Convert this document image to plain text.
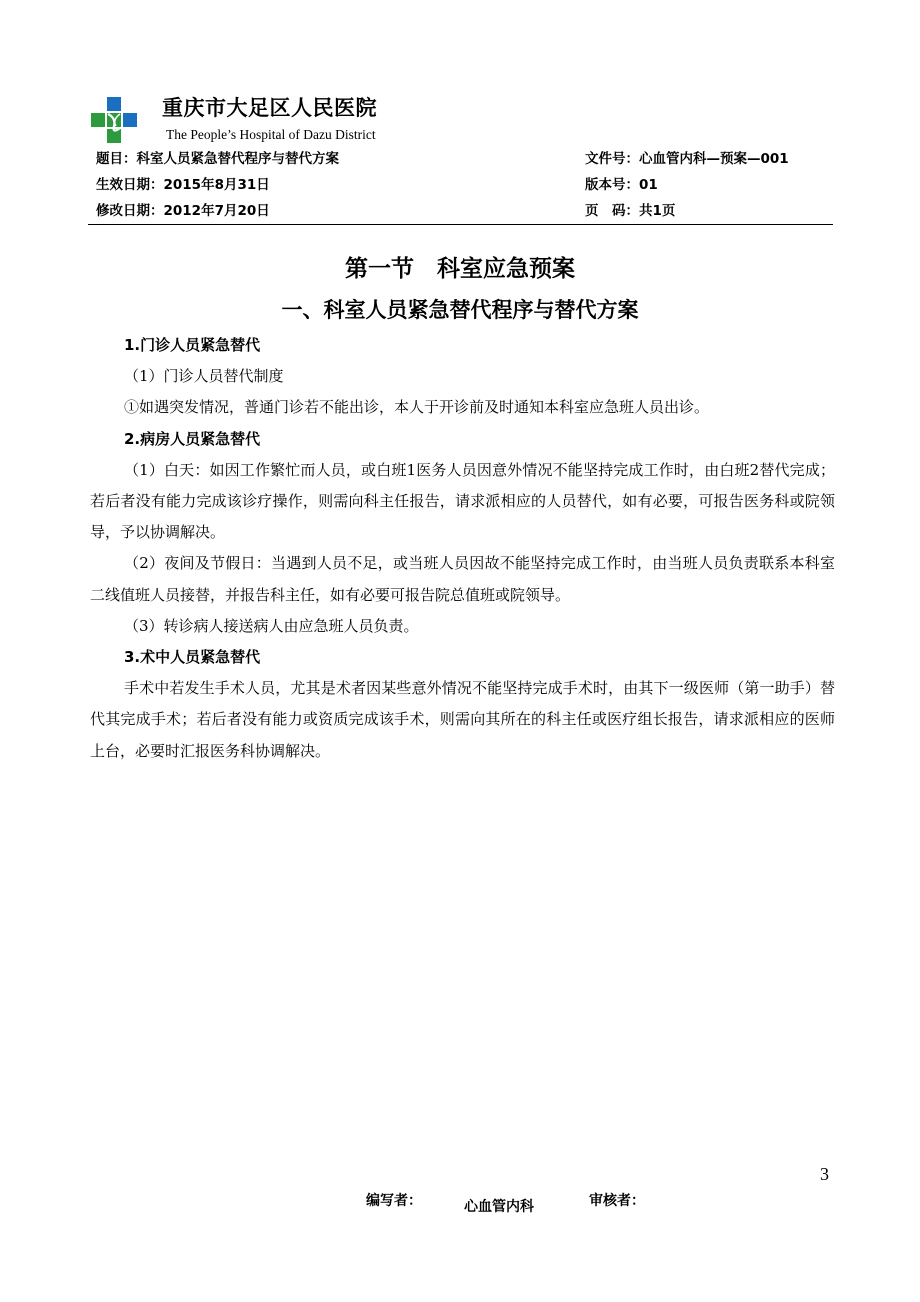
重庆市大足区人民医院
The People’s Hospital of Dazu District
题目：科室人员紧急替代程序与替代方案	文件号：心血管内科—预案—001
生效日期：2015年8月31日	版本号：01
修改日期：2012年7月20日	页　码：共1页
第一节　科室应急预案
一、科室人员紧急替代程序与替代方案

1.门诊人员紧急替代

（1）门诊人员替代制度

①如遇突发情况，普通门诊若不能出诊，本人于开诊前及时通知本科室应急班人员出诊。

2.病房人员紧急替代

（1）白天：如因工作繁忙而人员，或白班1医务人员因意外情况不能坚持完成工作时，由白班2替代完成；若后者没有能力完成该诊疗操作，则需向科主任报告，请求派相应的人员替代，如有必要，可报告医务科或院领导，予以协调解决。

（2）夜间及节假日：当遇到人员不足，或当班人员因故不能坚持完成工作时，由当班人员负责联系本科室二线值班人员接替，并报告科主任，如有必要可报告院总值班或院领导。

（3）转诊病人接送病人由应急班人员负责。

3.术中人员紧急替代

手术中若发生手术人员，尤其是术者因某些意外情况不能坚持完成手术时，由其下一级医师（第一助手）替代其完成手术；若后者没有能力或资质完成该手术，则需向其所在的科主任或医疗组长报告，请求派相应的医师上台，必要时汇报医务科协调解决。

3
编写者：	心血管内科	审核者：
